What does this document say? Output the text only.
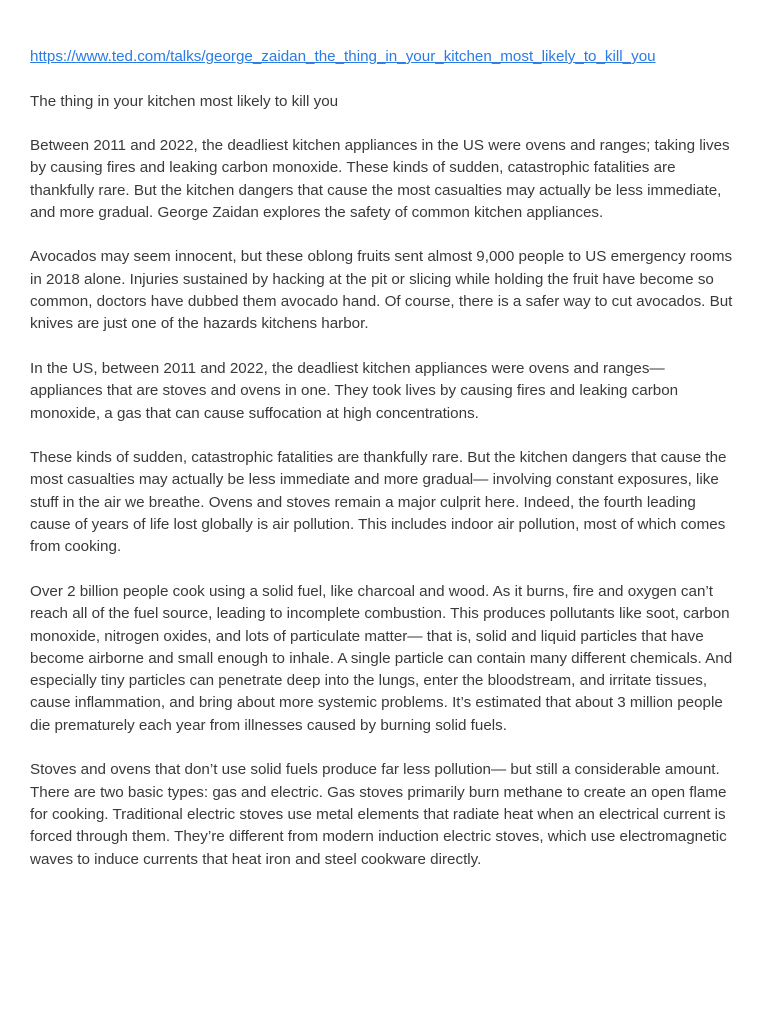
https://www.ted.com/talks/george_zaidan_the_thing_in_your_kitchen_most_likely_to_kill_you

The thing in your kitchen most likely to kill you

Between 2011 and 2022, the deadliest kitchen appliances in the US were ovens and ranges; taking lives by causing fires and leaking carbon monoxide. These kinds of sudden, catastrophic fatalities are thankfully rare. But the kitchen dangers that cause the most casualties may actually be less immediate, and more gradual. George Zaidan explores the safety of common kitchen appliances.

Avocados may seem innocent, but these oblong fruits sent almost 9,000 people to US emergency rooms in 2018 alone. Injuries sustained by hacking at the pit or slicing while holding the fruit have become so common, doctors have dubbed them avocado hand. Of course, there is a safer way to cut avocados. But knives are just one of the hazards kitchens harbor.

In the US, between 2011 and 2022, the deadliest kitchen appliances were ovens and ranges— appliances that are stoves and ovens in one. They took lives by causing fires and leaking carbon monoxide, a gas that can cause suffocation at high concentrations.

These kinds of sudden, catastrophic fatalities are thankfully rare. But the kitchen dangers that cause the most casualties may actually be less immediate and more gradual— involving constant exposures, like stuff in the air we breathe. Ovens and stoves remain a major culprit here. Indeed, the fourth leading cause of years of life lost globally is air pollution. This includes indoor air pollution, most of which comes from cooking.

Over 2 billion people cook using a solid fuel, like charcoal and wood. As it burns, fire and oxygen can’t reach all of the fuel source, leading to incomplete combustion. This produces pollutants like soot, carbon monoxide, nitrogen oxides, and lots of particulate matter— that is, solid and liquid particles that have become airborne and small enough to inhale. A single particle can contain many different chemicals. And especially tiny particles can penetrate deep into the lungs, enter the bloodstream, and irritate tissues, cause inflammation, and bring about more systemic problems. It’s estimated that about 3 million people die prematurely each year from illnesses caused by burning solid fuels.

Stoves and ovens that don’t use solid fuels produce far less pollution— but still a considerable amount. There are two basic types: gas and electric. Gas stoves primarily burn methane to create an open flame for cooking. Traditional electric stoves use metal elements that radiate heat when an electrical current is forced through them. They’re different from modern induction electric stoves, which use electromagnetic waves to induce currents that heat iron and steel cookware directly.
